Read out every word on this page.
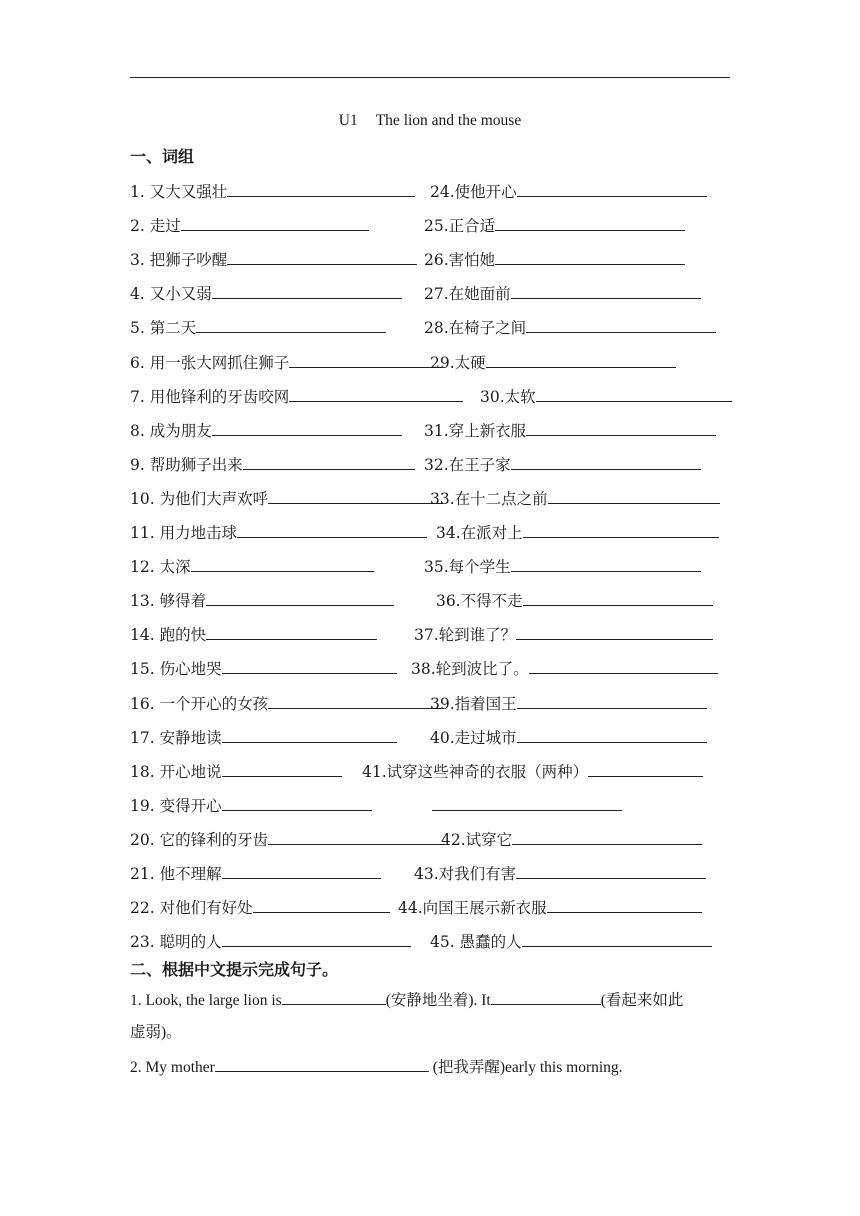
U1 The lion and the mouse
一、词组
1. 又大又强壮	24.使他开心
2. 走过	25.正合适
3. 把狮子吵醒	26.害怕她
4. 又小又弱	27.在她面前
5. 第二天	28.在椅子之间
6. 用一张大网抓住狮子	29.太硬
7. 用他锋利的牙齿咬网	30.太软
8. 成为朋友	31.穿上新衣服
9. 帮助狮子出来	32.在王子家
10. 为他们大声欢呼	33.在十二点之前
11. 用力地击球	34.在派对上
12. 太深	35.每个学生
13. 够得着	36.不得不走
14. 跑的快	37.轮到谁了？
15. 伤心地哭	38.轮到波比了。
16. 一个开心的女孩	39.指着国王
17. 安静地读	40.走过城市
18. 开心地说	41.试穿这些神奇的衣服（两种）
19. 变得开心
20. 它的锋利的牙齿	42.试穿它
21. 他不理解	43.对我们有害
22. 对他们有好处	44.向国王展示新衣服
23. 聪明的人	45. 愚蠢的人
二、根据中文提示完成句子。
1. Look, the large lion is	(安静地坐着). It	(看起来如此
虚弱)。
2. My mother	(把我弄醒)early this morning.
